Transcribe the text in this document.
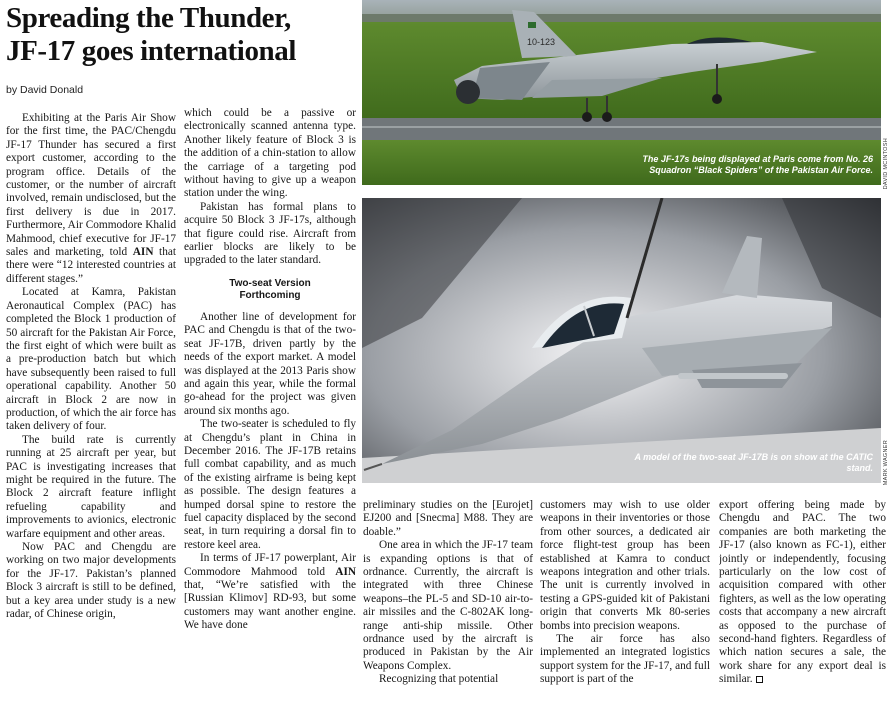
Spreading the Thunder,
JF-17 goes international
by David Donald

Exhibiting at the Paris Air Show for the first time, the PAC/Chengdu JF-17 Thunder has secured a first export customer, according to the program office. Details of the customer, or the number of aircraft involved, remain undisclosed, but the first delivery is due in 2017. Furthermore, Air Commodore Khalid Mahmood, chief executive for JF-17 sales and marketing, told AIN that there were “12 interested countries at different stages.”

Located at Kamra, Pakistan Aeronautical Complex (PAC) has completed the Block 1 production of 50 aircraft for the Pakistan Air Force, the first eight of which were built as a pre-production batch but which have subsequently been raised to full operational capability. Another 50 aircraft in Block 2 are now in production, of which the air force has taken delivery of four.

The build rate is currently running at 25 aircraft per year, but PAC is investigating increases that might be required in the future. The Block 2 aircraft feature inflight refueling capability and improvements to avionics, electronic warfare equipment and other areas.

Now PAC and Chengdu are working on two major developments for the JF-17. Pakistan’s planned Block 3 aircraft is still to be defined, but a key area under study is a new radar, of Chinese origin,

which could be a passive or electronically scanned antenna type. Another likely feature of Block 3 is the addition of a chin-station to allow the carriage of a targeting pod without having to give up a weapon station under the wing.

Pakistan has formal plans to acquire 50 Block 3 JF-17s, although that figure could rise. Aircraft from earlier blocks are likely to be upgraded to the later standard.

Two-seat Version
Forthcoming

Another line of development for PAC and Chengdu is that of the two-seat JF-17B, driven partly by the needs of the export market. A model was displayed at the 2013 Paris show and again this year, while the formal go-ahead for the project was given around six months ago.

The two-seater is scheduled to fly at Chengdu’s plant in China in December 2016. The JF-17B retains full combat capability, and as much of the existing airframe is being kept as possible. The design features a humped dorsal spine to restore the fuel capacity displaced by the second seat, in turn requiring a dorsal fin to restore keel area.

In terms of JF-17 powerplant, Air Commodore Mahmood told AIN that, “We’re satisfied with the [Russian Klimov] RD-93, but some customers may want another engine. We have done

10-123
The JF-17s being displayed at Paris come from No. 26 Squadron “Black Spiders” of the Pakistan Air Force. DAVID MCINTOSH
A model of the two-seat JF-17B is on show at the CATIC stand. MARK WAGNER

preliminary studies on the [Eurojet] EJ200 and [Snecma] M88. They are doable.”

One area in which the JF-17 team is expanding options is that of ordnance. Currently, the aircraft is integrated with three Chinese weapons–the PL-5 and SD-10 air-to-air missiles and the C-802AK long-range anti-ship missile. Other ordnance used by the aircraft is produced in Pakistan by the Air Weapons Complex.

Recognizing that potential

customers may wish to use older weapons in their inventories or those from other sources, a dedicated air force flight-test group has been established at Kamra to conduct weapons integration and other trials. The unit is currently involved in testing a GPS-guided kit of Pakistani origin that converts Mk 80-series bombs into precision weapons.

The air force has also implemented an integrated logistics support system for the JF-17, and full support is part of the

export offering being made by Chengdu and PAC. The two companies are both marketing the JF-17 (also known as FC-1), either jointly or independently, focusing particularly on the low cost of acquisition compared with other fighters, as well as the low operating costs that accompany a new aircraft as opposed to the purchase of second-hand fighters. Regardless of which nation secures a sale, the work share for any export deal is similar.
